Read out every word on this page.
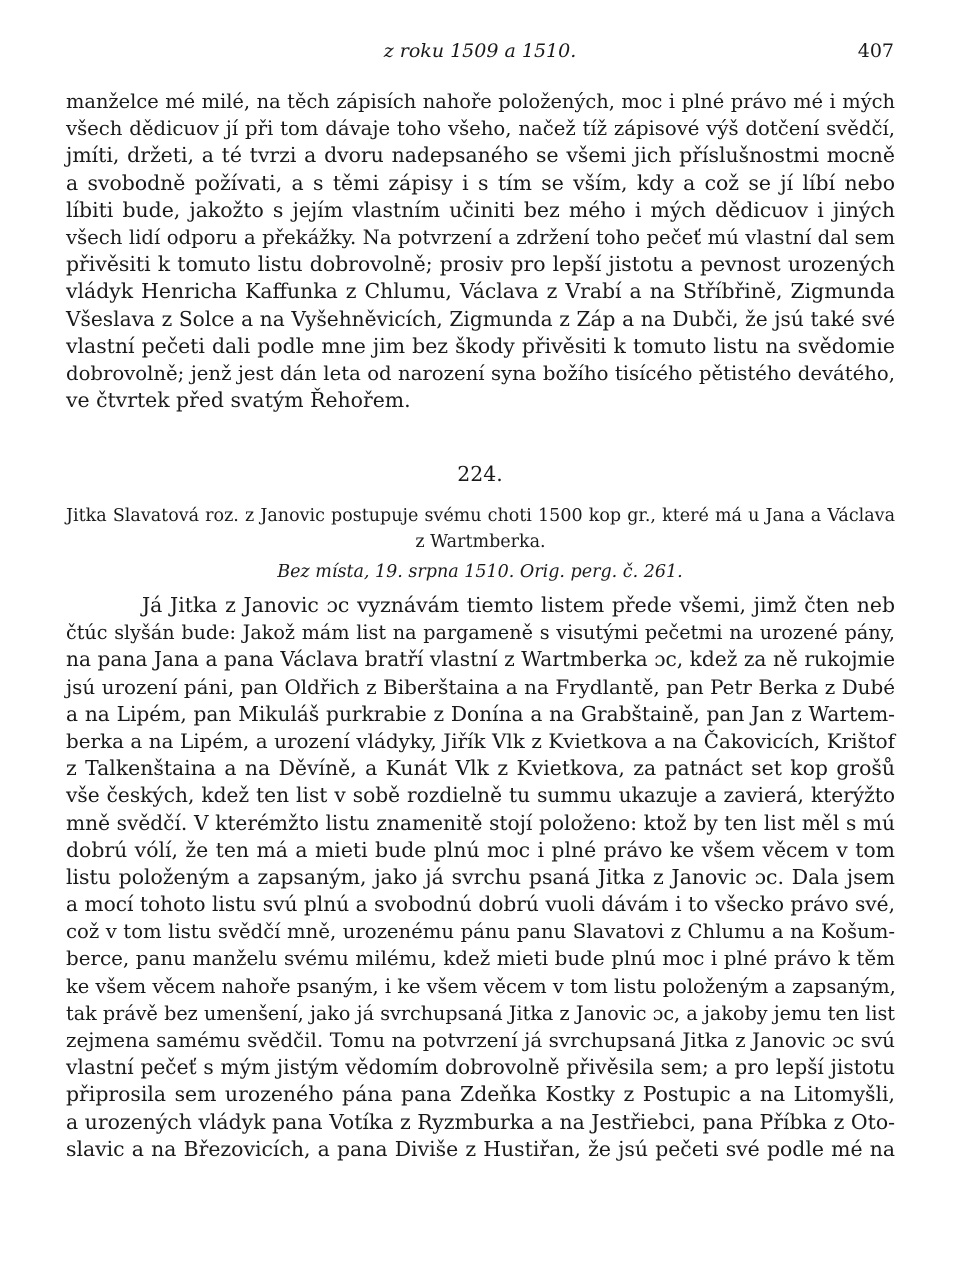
z roku 1509 a 1510.	407
manželce mé milé, na těch zápisích nahoře položených, moc i plné právo mé i mých
všech dědicuov jí při tom dávaje toho všeho, načež tíž zápisové výš dotčení svědčí,
jmíti, držeti, a té tvrzi a dvoru nadepsaného se všemi jich příslušnostmi mocně
a svobodně požívati, a s těmi zápisy i s tím se vším, kdy a což se jí líbí nebo
líbiti bude, jakožto s jejím vlastním učiniti bez mého i mých dědicuov i jiných
všech lidí odporu a překážky. Na potvrzení a zdržení toho pečeť mú vlastní dal sem
přivěsiti k tomuto listu dobrovolně; prosiv pro lepší jistotu a pevnost urozených
vládyk Henricha Kaffunka z Chlumu, Václava z Vrabí a na Stříbřině, Zigmunda
Všeslava z Solce a na Vyšehněvicích, Zigmunda z Záp a na Dubči, že jsú také své
vlastní pečeti dali podle mne jim bez škody přivěsiti k tomuto listu na svědomie
dobrovolně; jenž jest dán leta od narození syna božího tisícého pětistého devátého,
ve čtvrtek před svatým Řehořem.
224.
Jitka Slavatová roz. z Janovic postupuje svému choti 1500 kop gr., které má u Jana a Václava
z Wartmberka.
Bez místa, 19. srpna 1510. Orig. perg. č. 261.
Já Jitka z Janovic ɔc vyznávám tiemto listem přede všemi, jimž čten neb
čtúc slyšán bude: Jakož mám list na pargameně s visutými pečetmi na urozené pány,
na pana Jana a pana Václava bratří vlastní z Wartmberka ɔc, kdež za ně rukojmie
jsú urození páni, pan Oldřich z Biberštaina a na Frydlantě, pan Petr Berka z Dubé
a na Lipém, pan Mikuláš purkrabie z Donína a na Grabštaině, pan Jan z Wartem-
berka a na Lipém, a urození vládyky, Jiřík Vlk z Kvietkova a na Čakovicích, Krištof
z Talkenštaina a na Děvíně, a Kunát Vlk z Kvietkova, za patnáct set kop grošů
vše českých, kdež ten list v sobě rozdielně tu summu ukazuje a zavierá, kterýžto
mně svědčí. V kterémžto listu znamenitě stojí položeno: ktož by ten list měl s mú
dobrú vólí, že ten má a mieti bude plnú moc i plné právo ke všem věcem v tom
listu položeným a zapsaným, jako já svrchu psaná Jitka z Janovic ɔc. Dala jsem
a mocí tohoto listu svú plnú a svobodnú dobrú vuoli dávám i to všecko právo své,
což v tom listu svědčí mně, urozenému pánu panu Slavatovi z Chlumu a na Košum-
berce, panu manželu svému milému, kdež mieti bude plnú moc i plné právo k těm
ke všem věcem nahoře psaným, i ke všem věcem v tom listu položeným a zapsaným,
tak právě bez umenšení, jako já svrchupsaná Jitka z Janovic ɔc, a jakoby jemu ten list
zejmena samému svědčil. Tomu na potvrzení já svrchupsaná Jitka z Janovic ɔc svú
vlastní pečeť s mým jistým vědomím dobrovolně přivěsila sem; a pro lepší jistotu
připrosila sem urozeného pána pana Zdeňka Kostky z Postupic a na Litomyšli,
a urozených vládyk pana Votíka z Ryzmburka a na Jestřiebci, pana Příbka z Oto-
slavic a na Březovicích, a pana Diviše z Hustiřan, že jsú pečeti své podle mé na
